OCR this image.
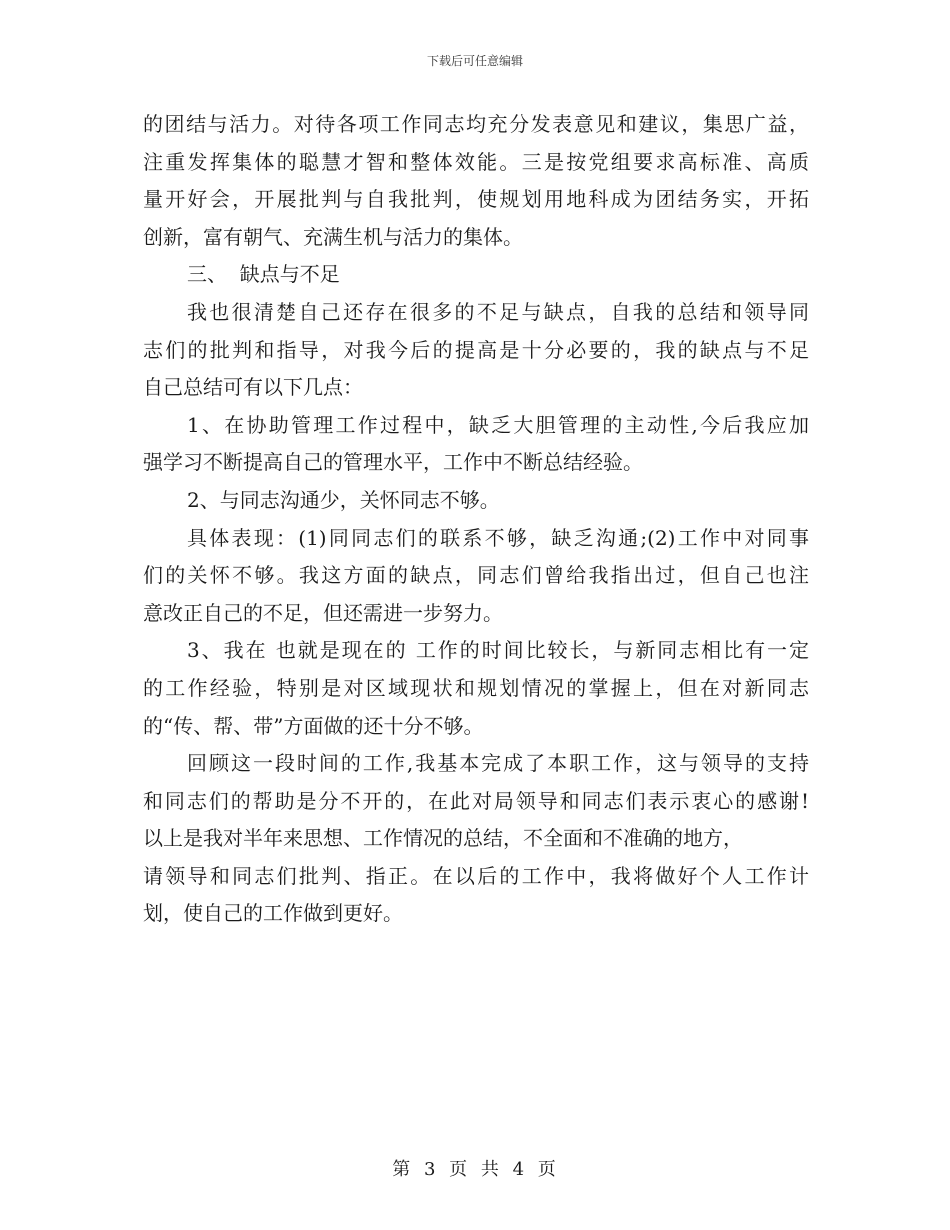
下载后可任意编辑
的团结与活力。对待各项工作同志均充分发表意见和建议，集思广益，
注重发挥集体的聪慧才智和整体效能。三是按党组要求高标准、高质
量开好会，开展批判与自我批判，使规划用地科成为团结务实，开拓
创新，富有朝气、充满生机与活力的集体。
三、  缺点与不足
我也很清楚自己还存在很多的不足与缺点，自我的总结和领导同
志们的批判和指导，对我今后的提高是十分必要的，我的缺点与不足
自己总结可有以下几点：
1、在协助管理工作过程中，缺乏大胆管理的主动性,今后我应加
强学习不断提高自己的管理水平，工作中不断总结经验。
2、与同志沟通少，关怀同志不够。
具体表现：(1)同同志们的联系不够，缺乏沟通;(2)工作中对同事
们的关怀不够。我这方面的缺点，同志们曾给我指出过，但自己也注
意改正自己的不足，但还需进一步努力。
3、我在 也就是现在的 工作的时间比较长，与新同志相比有一定
的工作经验，特别是对区域现状和规划情况的掌握上，但在对新同志
的“传、帮、带”方面做的还十分不够。
回顾这一段时间的工作,我基本完成了本职工作，这与领导的支持
和同志们的帮助是分不开的，在此对局领导和同志们表示衷心的感谢!
以上是我对半年来思想、工作情况的总结，不全面和不准确的地方，
请领导和同志们批判、指正。在以后的工作中，我将做好个人工作计
划，使自己的工作做到更好。
第 3 页 共 4 页
